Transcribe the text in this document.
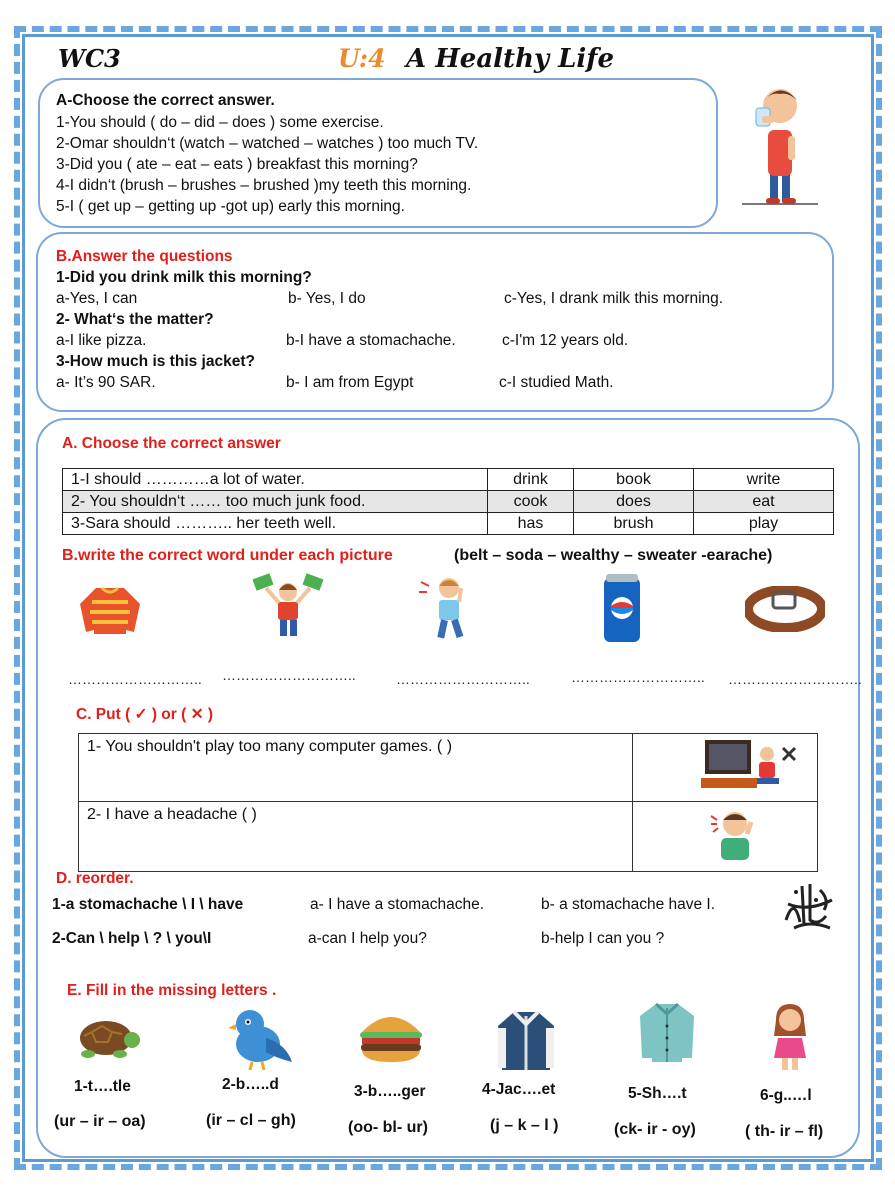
WC3	U:4 A Healthy Life
A-Choose the correct answer.
1-You should ( do – did – does ) some exercise.
2-Omar shouldn‘t (watch – watched – watches ) too much TV.
3-Did you ( ate – eat – eats ) breakfast this morning?
4-I didn‘t (brush – brushes – brushed )my teeth this morning.
5-I ( get up – getting up -got up) early this morning.
B.Answer the questions
1-Did you drink milk this morning?
a-Yes, I can	b- Yes, I do	c-Yes, I drank milk this morning.
2- What‘s the matter?
a-I like pizza.	b-I have a stomachache.	c-I'm 12 years old.
3-How much is this jacket?
a- It’s 90 SAR.	b- I am from Egypt	c-I studied Math.
A. Choose the correct answer
1-I should …………a lot of water.	drink	book	write
2- You shouldn‘t …… too much junk food.	cook	does	eat
3-Sara should ……….. her teeth well.	has	brush	play
B.write the correct word under each picture	(belt – soda – wealthy – sweater -earache)
……………………….. ………………………..	………………………..	……………………….. ………………………..
C. Put ( ✓ ) or ( ✕ )
1- You shouldn't play too many computer games. ( )	
2- I have a headache ( )	
D. reorder.
1-a stomachache \ I \ have	a- I have a stomachache.	b- a stomachache have I.
2-Can \ help \ ? \ you\I	a-can I help you?	b-help I can you ?
E. Fill in the missing letters .
1-t….tle	2-b…..d	3-b…..ger	4-Jac….et	5-Sh….t	6-g..…l
(ur – ir – oa)	(ir – cl – gh)	(oo- bl- ur)	(j – k – l )	(ck- ir - oy)	( th- ir – fl)
